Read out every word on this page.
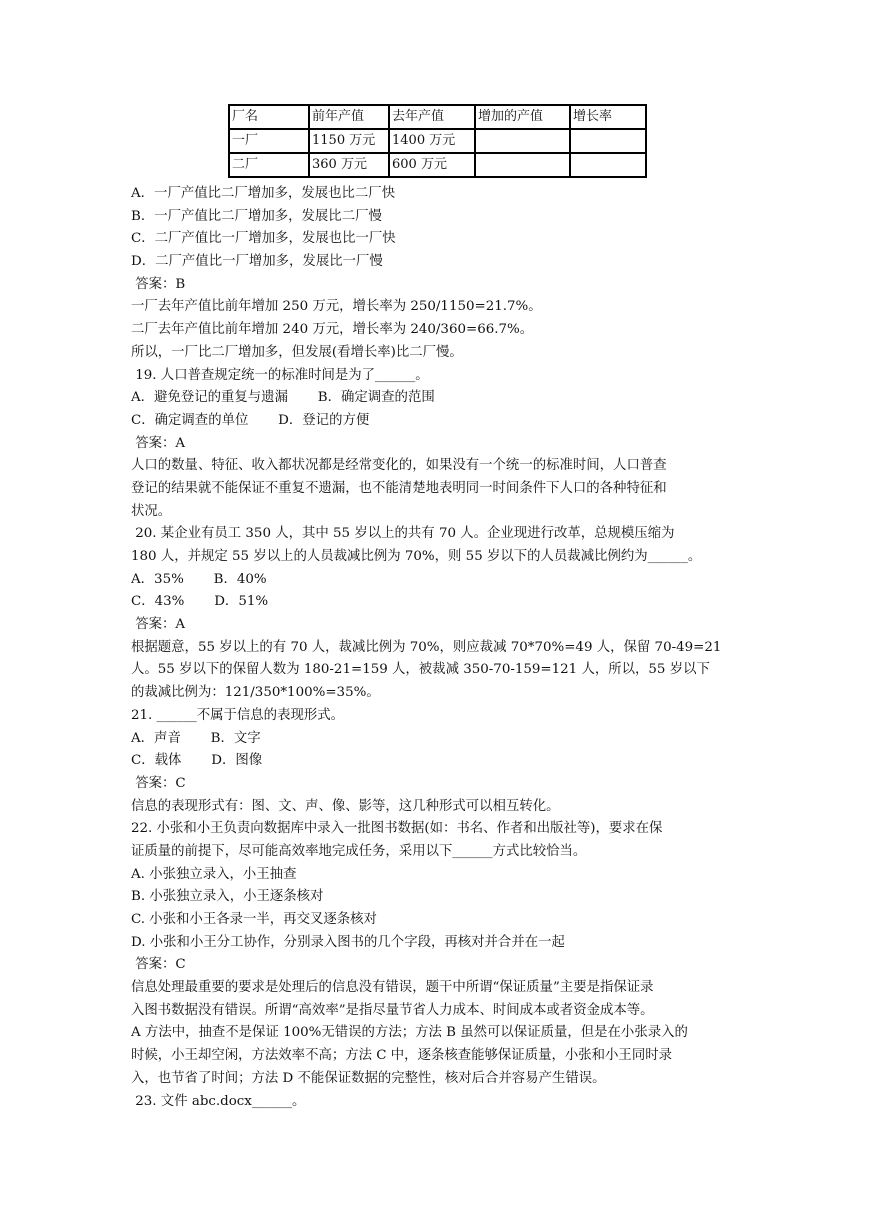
厂名	前年产值	去年产值	增加的产值	增长率
一厂	1150 万元	1400 万元		
二厂	360 万元	600 万元		

A．一厂产值比二厂增加多，发展也比二厂快

B．一厂产值比二厂增加多，发展比二厂慢

C．二厂产值比一厂增加多，发展也比一厂快

D．二厂产值比一厂增加多，发展比一厂慢

答案：B

一厂去年产值比前年增加 250 万元，增长率为 250/1150=21.7%。

二厂去年产值比前年增加 240 万元，增长率为 240/360=66.7%。

所以，一厂比二厂增加多，但发展(看增长率)比二厂慢。

19. 人口普查规定统一的标准时间是为了______。

A．避免登记的重复与遗漏       B．确定调查的范围

C．确定调查的单位       D．登记的方便

答案：A

人口的数量、特征、收入都状况都是经常变化的，如果没有一个统一的标准时间，人口普查

登记的结果就不能保证不重复不遗漏，也不能清楚地表明同一时间条件下人口的各种特征和

状况。

20. 某企业有员工 350 人，其中 55 岁以上的共有 70 人。企业现进行改革，总规模压缩为

180 人，并规定 55 岁以上的人员裁减比例为 70%，则 55 岁以下的人员裁减比例约为______。

A．35%       B．40%

C．43%       D．51%

答案：A

根据题意，55 岁以上的有 70 人，裁减比例为 70%，则应裁减 70*70%=49 人，保留 70-49=21

人。55 岁以下的保留人数为 180-21=159 人，被裁减 350-70-159=121 人，所以，55 岁以下

的裁减比例为：121/350*100%=35%。

21. ______不属于信息的表现形式。

A．声音       B．文字

C．载体       D．图像

答案：C

信息的表现形式有：图、文、声、像、影等，这几种形式可以相互转化。

22. 小张和小王负责向数据库中录入一批图书数据(如：书名、作者和出版社等)，要求在保

证质量的前提下，尽可能高效率地完成任务，采用以下______方式比较恰当。

A. 小张独立录入，小王抽查

B. 小张独立录入，小王逐条核对

C. 小张和小王各录一半，再交叉逐条核对

D. 小张和小王分工协作，分别录入图书的几个字段，再核对并合并在一起

答案：C

信息处理最重要的要求是处理后的信息没有错误，题干中所谓“保证质量”主要是指保证录

入图书数据没有错误。所谓“高效率”是指尽量节省人力成本、时间成本或者资金成本等。

A 方法中，抽查不是保证 100%无错误的方法；方法 B 虽然可以保证质量，但是在小张录入的

时候，小王却空闲，方法效率不高；方法 C 中，逐条核查能够保证质量，小张和小王同时录

入，也节省了时间；方法 D 不能保证数据的完整性，核对后合并容易产生错误。

23. 文件 abc.docx______。
